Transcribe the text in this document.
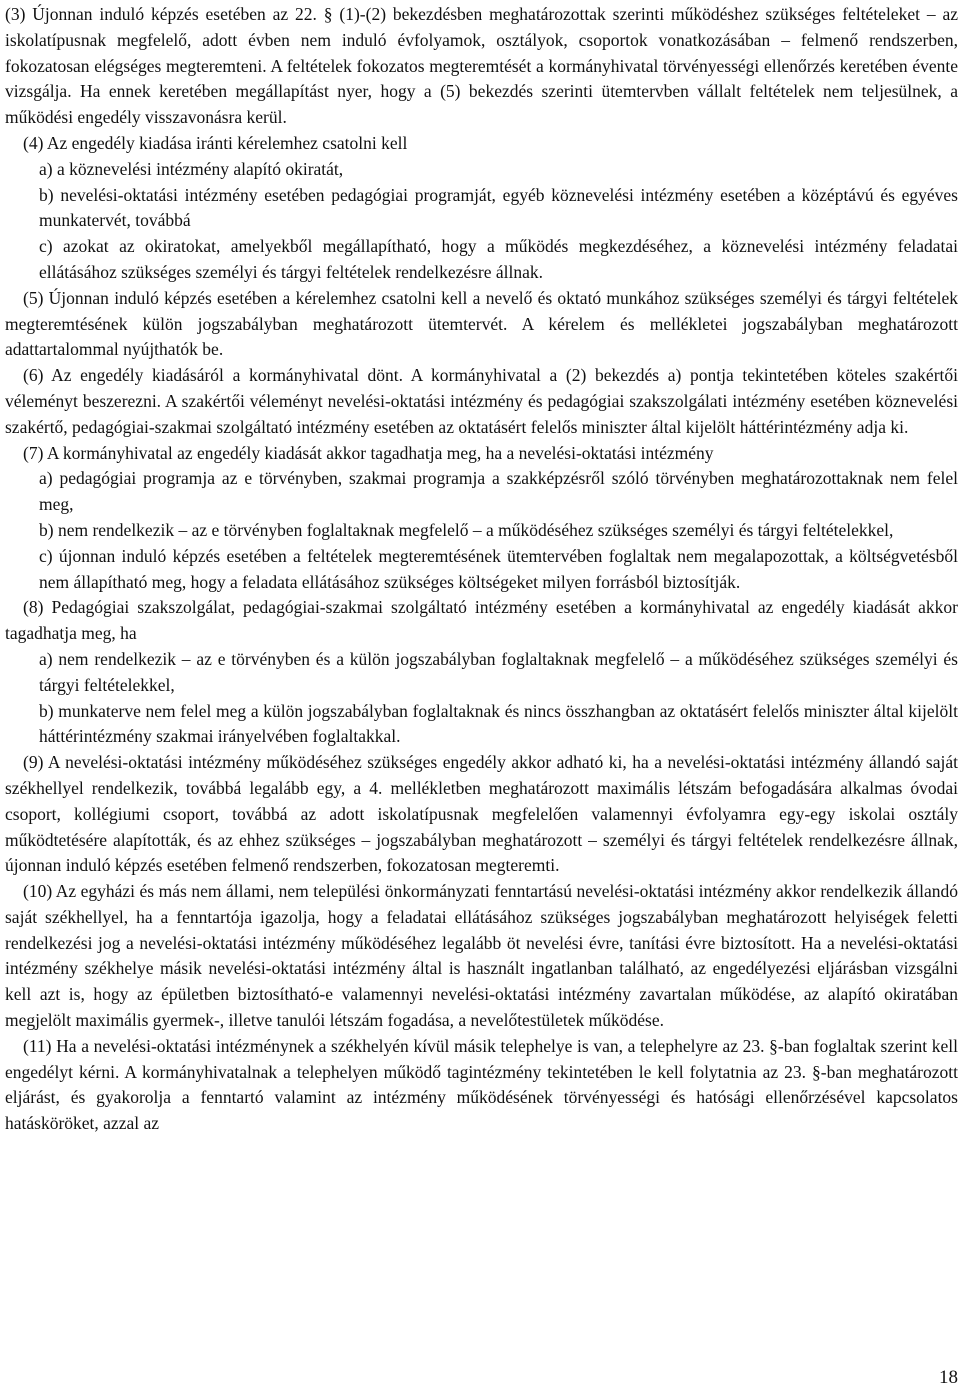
(3) Újonnan induló képzés esetében az 22. § (1)-(2) bekezdésben meghatározottak szerinti működéshez szükséges feltételeket – az iskolatípusnak megfelelő, adott évben nem induló évfolyamok, osztályok, csoportok vonatkozásában – felmenő rendszerben, fokozatosan elégséges megteremteni. A feltételek fokozatos megteremtését a kormányhivatal törvényességi ellenőrzés keretében évente vizsgálja. Ha ennek keretében megállapítást nyer, hogy a (5) bekezdés szerinti ütemtervben vállalt feltételek nem teljesülnek, a működési engedély visszavonásra kerül.

(4) Az engedély kiadása iránti kérelemhez csatolni kell

a) a köznevelési intézmény alapító okiratát,

b) nevelési-oktatási intézmény esetében pedagógiai programját, egyéb köznevelési intézmény esetében a középtávú és egyéves munkatervét, továbbá

c) azokat az okiratokat, amelyekből megállapítható, hogy a működés megkezdéséhez, a köznevelési intézmény feladatai ellátásához szükséges személyi és tárgyi feltételek rendelkezésre állnak.

(5) Újonnan induló képzés esetében a kérelemhez csatolni kell a nevelő és oktató munkához szükséges személyi és tárgyi feltételek megteremtésének külön jogszabályban meghatározott ütemtervét. A kérelem és mellékletei jogszabályban meghatározott adattartalommal nyújthatók be.

(6) Az engedély kiadásáról a kormányhivatal dönt. A kormányhivatal a (2) bekezdés a) pontja tekintetében köteles szakértői véleményt beszerezni. A szakértői véleményt nevelési-oktatási intézmény és pedagógiai szakszolgálati intézmény esetében köznevelési szakértő, pedagógiai-szakmai szolgáltató intézmény esetében az oktatásért felelős miniszter által kijelölt háttérintézmény adja ki.

(7) A kormányhivatal az engedély kiadását akkor tagadhatja meg, ha a nevelési-oktatási intézmény

a) pedagógiai programja az e törvényben, szakmai programja a szakképzésről szóló törvényben meghatározottaknak nem felel meg,

b) nem rendelkezik – az e törvényben foglaltaknak megfelelő – a működéséhez szükséges személyi és tárgyi feltételekkel,

c) újonnan induló képzés esetében a feltételek megteremtésének ütemtervében foglaltak nem megalapozottak, a költségvetésből nem állapítható meg, hogy a feladata ellátásához szükséges költségeket milyen forrásból biztosítják.

(8) Pedagógiai szakszolgálat, pedagógiai-szakmai szolgáltató intézmény esetében a kormányhivatal az engedély kiadását akkor tagadhatja meg, ha

a) nem rendelkezik – az e törvényben és a külön jogszabályban foglaltaknak megfelelő – a működéséhez szükséges személyi és tárgyi feltételekkel,

b) munkaterve nem felel meg a külön jogszabályban foglaltaknak és nincs összhangban az oktatásért felelős miniszter által kijelölt háttérintézmény szakmai irányelvében foglaltakkal.

(9) A nevelési-oktatási intézmény működéséhez szükséges engedély akkor adható ki, ha a nevelési-oktatási intézmény állandó saját székhellyel rendelkezik, továbbá legalább egy, a 4. mellékletben meghatározott maximális létszám befogadására alkalmas óvodai csoport, kollégiumi csoport, továbbá az adott iskolatípusnak megfelelően valamennyi évfolyamra egy-egy iskolai osztály működtetésére alapították, és az ehhez szükséges – jogszabályban meghatározott – személyi és tárgyi feltételek rendelkezésre állnak, újonnan induló képzés esetében felmenő rendszerben, fokozatosan megteremti.

(10) Az egyházi és más nem állami, nem települési önkormányzati fenntartású nevelési-oktatási intézmény akkor rendelkezik állandó saját székhellyel, ha a fenntartója igazolja, hogy a feladatai ellátásához szükséges jogszabályban meghatározott helyiségek feletti rendelkezési jog a nevelési-oktatási intézmény működéséhez legalább öt nevelési évre, tanítási évre biztosított. Ha a nevelési-oktatási intézmény székhelye másik nevelési-oktatási intézmény által is használt ingatlanban található, az engedélyezési eljárásban vizsgálni kell azt is, hogy az épületben biztosítható-e valamennyi nevelési-oktatási intézmény zavartalan működése, az alapító okiratában megjelölt maximális gyermek-, illetve tanulói létszám fogadása, a nevelőtestületek működése.

(11) Ha a nevelési-oktatási intézménynek a székhelyén kívül másik telephelye is van, a telephelyre az 23. §-ban foglaltak szerint kell engedélyt kérni. A kormányhivatalnak a telephelyen működő tagintézmény tekintetében le kell folytatnia az 23. §-ban meghatározott eljárást, és gyakorolja a fenntartó valamint az intézmény működésének törvényességi és hatósági ellenőrzésével kapcsolatos hatásköröket, azzal az

18
